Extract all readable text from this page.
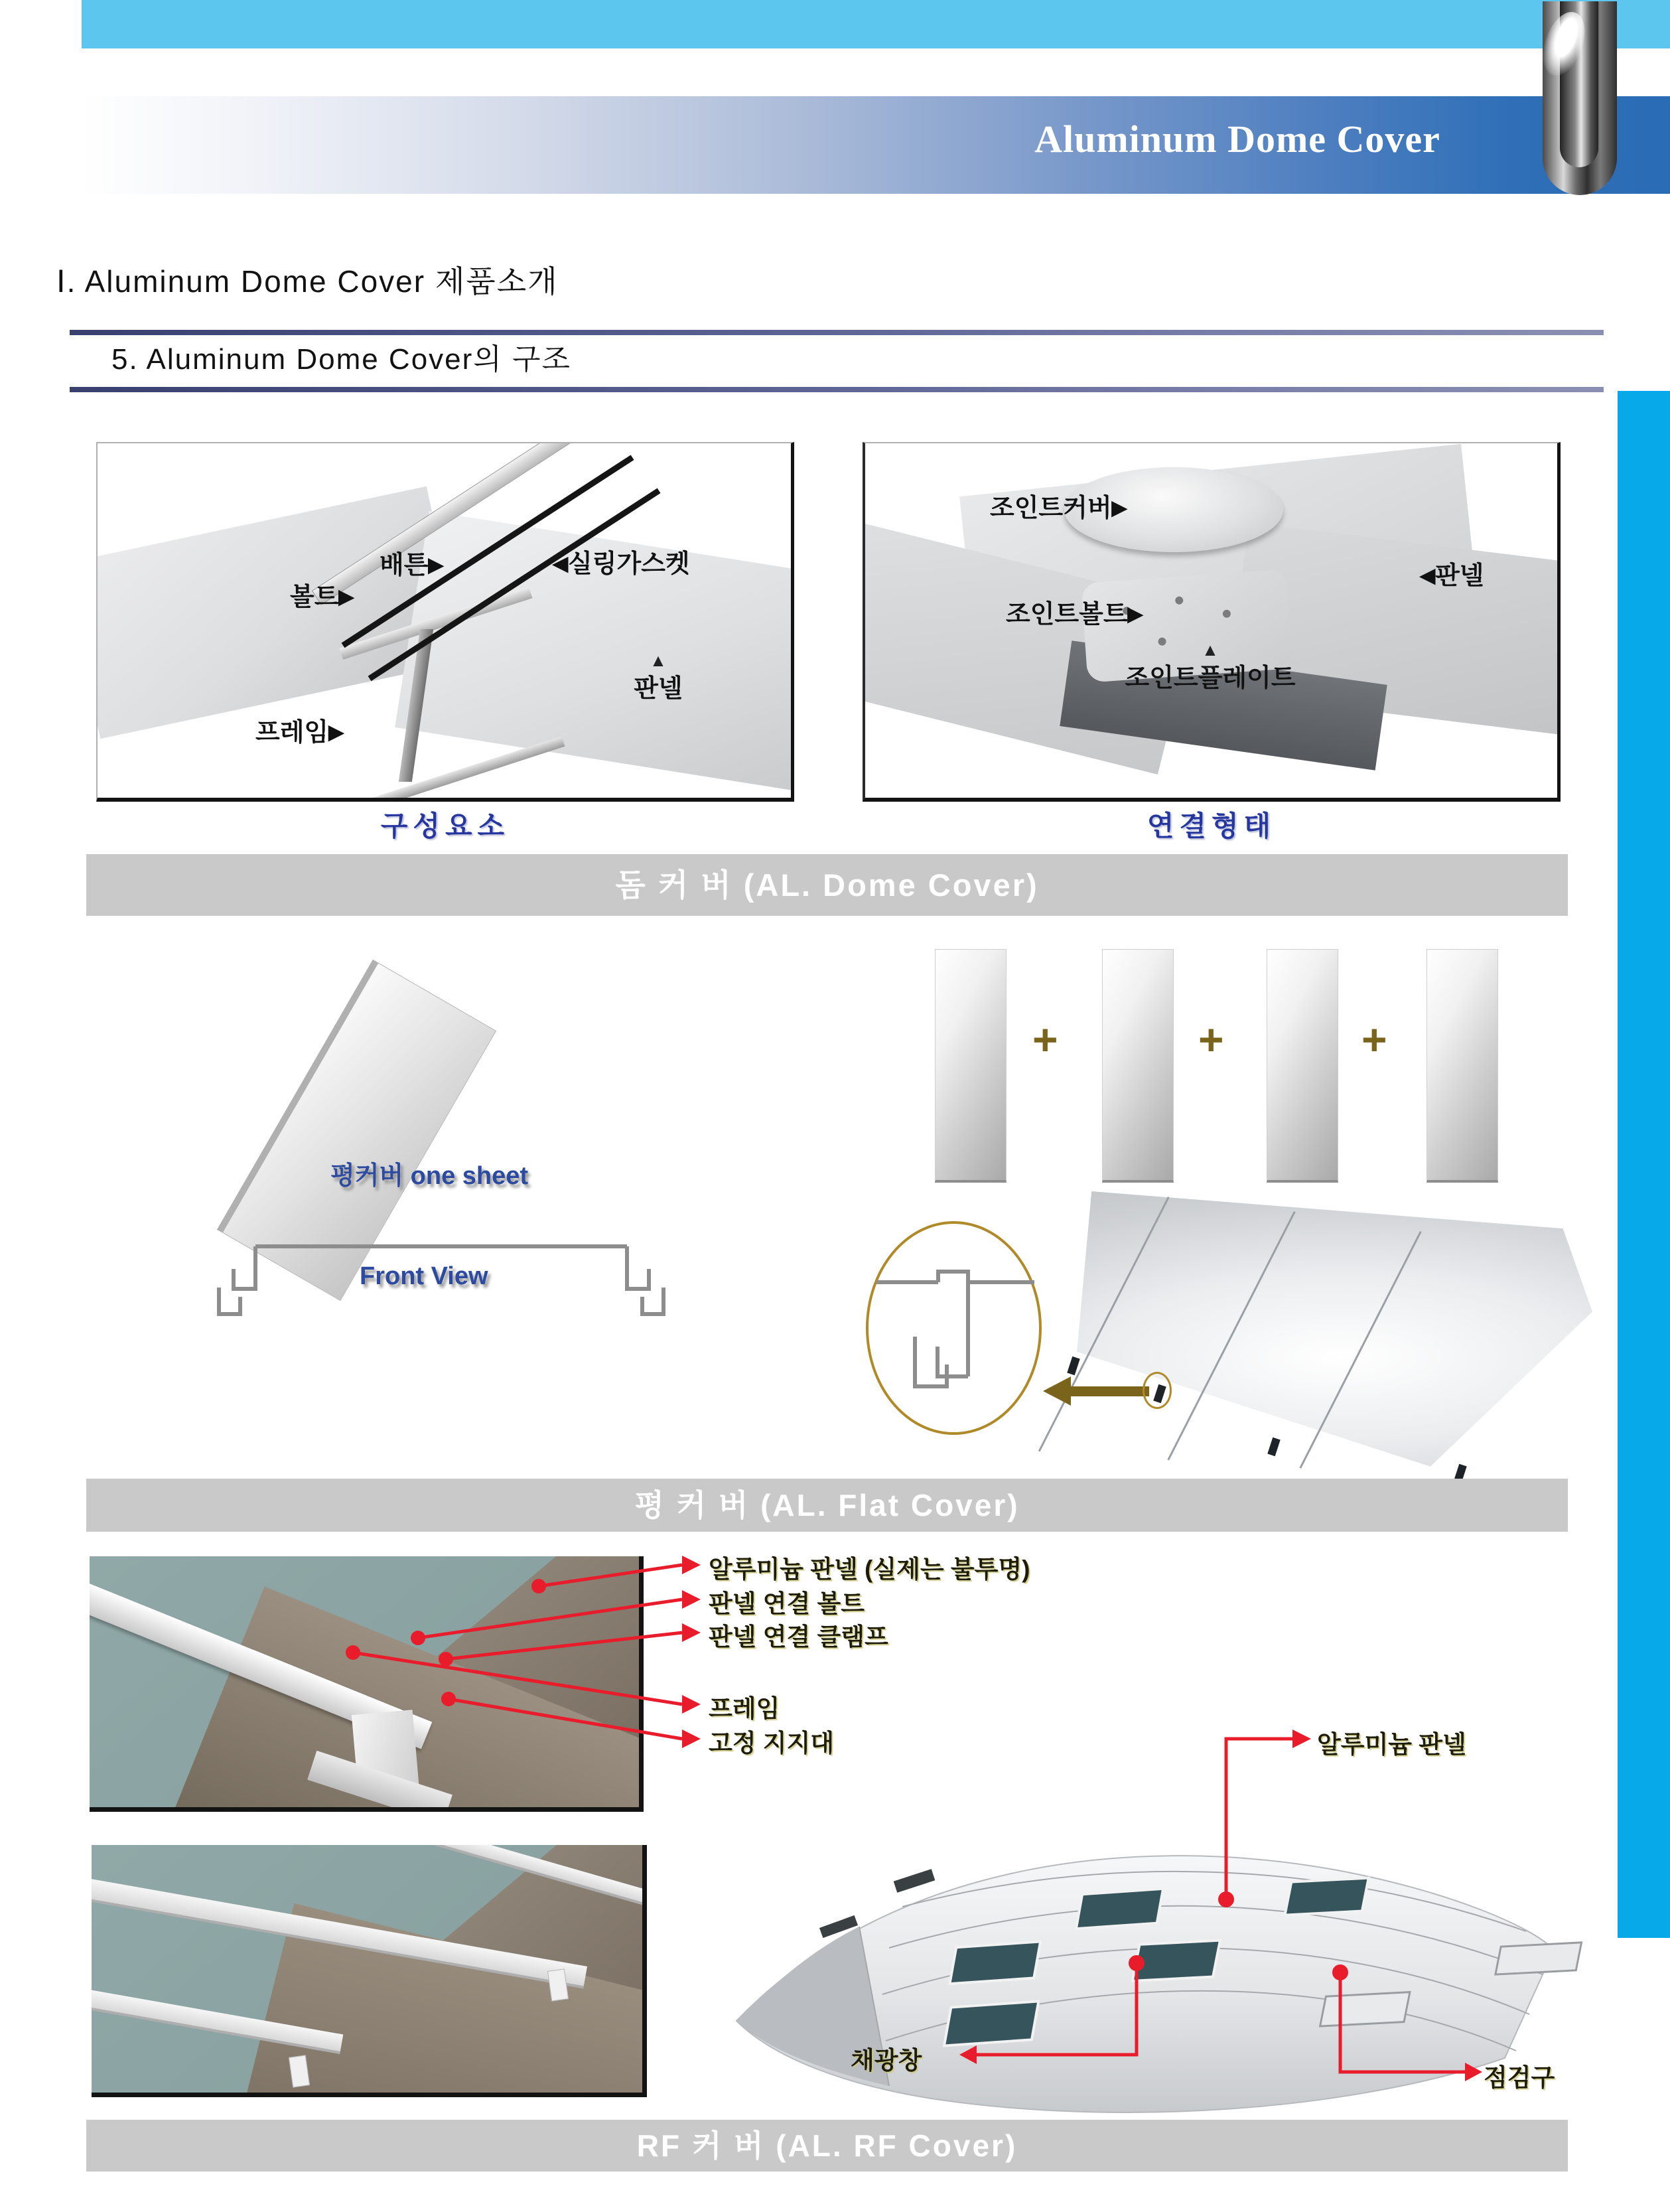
Aluminum Dome Cover
Ⅰ. Aluminum Dome Cover 제품소개
5. Aluminum Dome Cover의 구조
볼트▶
배튼▶	◀실링가스켓
프레임▶
▲
판넬
구성요소
조인트커버▶
◀판넬
조인트볼트▶
▲
조인트플레이트
연결형태
돔 커 버 (AL. Dome Cover)
평커버 one sheet
Front View
+	+	+
평 커 버 (AL. Flat Cover)
알루미늄 판넬 (실제는 불투명)
판넬 연결 볼트
판넬 연결 클램프
프레임
고정 지지대	알루미늄 판넬
채광창
점검구
RF 커 버 (AL. RF Cover)
